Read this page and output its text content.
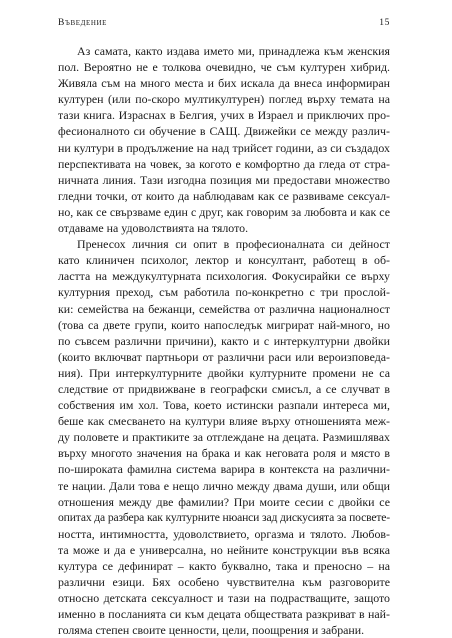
Въведение	15
Аз самата, както издава името ми, принадлежа към женския
пол. Вероятно не е толкова очевидно, че съм културен хибрид.
Живяла съм на много места и бих искала да внеса информиран
културен (или по-скоро мултикултурен) поглед върху темата на
тази книга. Израснах в Белгия, учих в Израел и приключих про-
фесионалното си обучение в САЩ. Движейки се между различ-
ни култури в продължение на над трийсет години, аз си създадох
перспективата на човек, за когото е комфортно да гледа от стра-
ничната линия. Тази изгодна позиция ми предостави множество
гледни точки, от които да наблюдавам как се развиваме сексуал-
но, как се свързваме един с друг, как говорим за любовта и как се
отдаваме на удоволствията на тялото.
Пренесох личния си опит в професионалната си дейност
като клиничен психолог, лектор и консултант, работещ в об-
ластта на междукултурната психология. Фокусирайки се върху
културния преход, съм работила по-конкретно с три прослой-
ки: семейства на бежанци, семейства от различна националност
(това са двете групи, които напоследък мигрират най-много, но
по съвсем различни причини), както и с интеркултурни двойки
(които включват партньори от различни раси или вероизповеда-
ния). При интеркултурните двойки културните промени не са
следствие от придвижване в географски смисъл, а се случват в
собствения им хол. Това, което истински разпали интереса ми,
беше как смесването на култури влияе върху отношенията меж-
ду половете и практиките за отглеждане на децата. Размишлявах
върху многото значения на брака и как неговата роля и място в
по-широката фамилна система варира в контекста на различни-
те нации. Дали това е нещо лично между двама души, или общи
отношения между две фамилии? При моите сесии с двойки се
опитах да разбера как културните нюанси зад дискусията за посвете-
ността, интимността, удоволствието, оргазма и тялото. Любов-
та може и да е универсална, но нейните конструкции във всяка
култура се дефинират – както буквално, така и преносно – на
различни езици. Бях особено чувствителна към разговорите
относно детската сексуалност и тази на подрастващите, защото
именно в посланията си към децата обществата разкриват в най-
голяма степен своите ценности, цели, поощрения и забрани.
